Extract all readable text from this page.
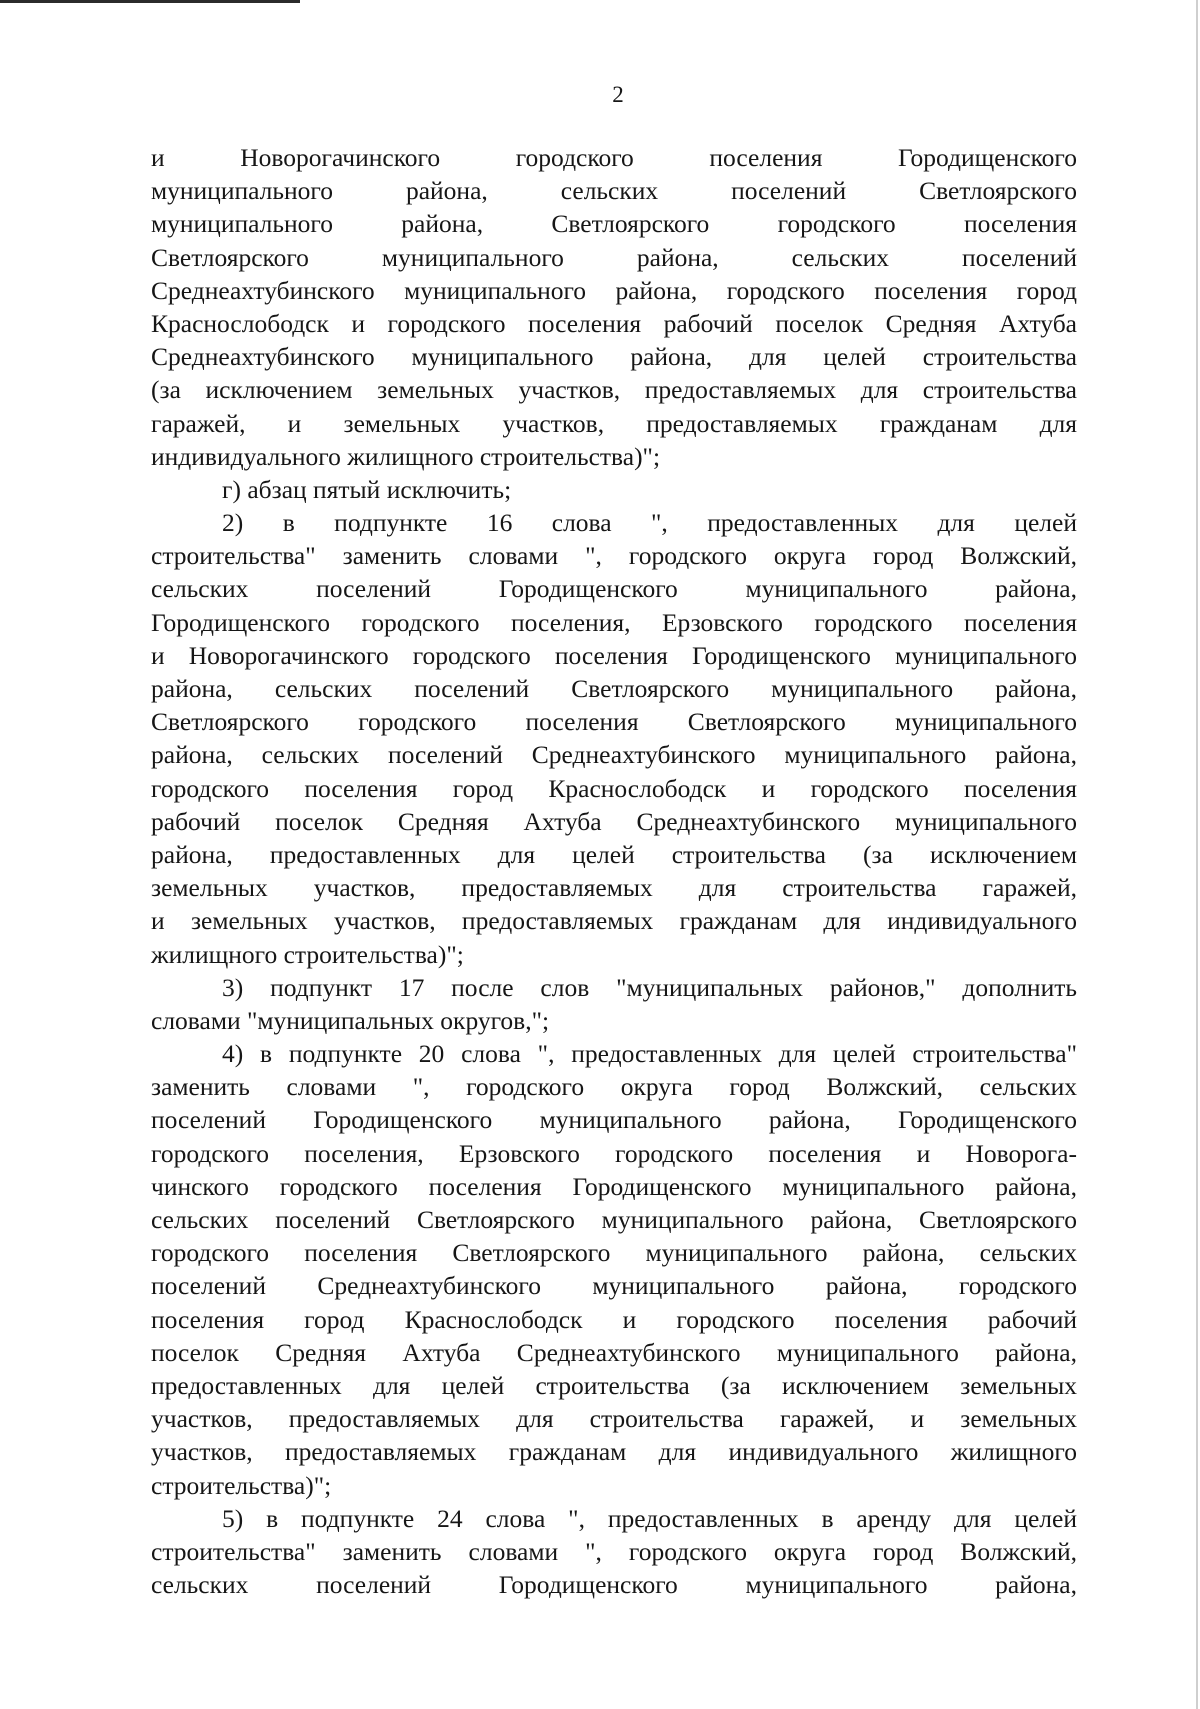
2
и Новорогачинского городского поселения Городищенского
муниципального района, сельских поселений Светлоярского
муниципального района, Светлоярского городского поселения
Светлоярского муниципального района, сельских поселений
Среднеахтубинского муниципального района, городского поселения город
Краснослободск и городского поселения рабочий поселок Средняя Ахтуба
Среднеахтубинского муниципального района, для целей строительства
(за исключением земельных участков, предоставляемых для строительства
гаражей, и земельных участков, предоставляемых гражданам для
индивидуального жилищного строительства)";
г) абзац пятый исключить;
2) в подпункте 16 слова ", предоставленных для целей
строительства" заменить словами ", городского округа город Волжский,
сельских поселений Городищенского муниципального района,
Городищенского городского поселения, Ерзовского городского поселения
и Новорогачинского городского поселения Городищенского муниципального
района, сельских поселений Светлоярского муниципального района,
Светлоярского городского поселения Светлоярского муниципального
района, сельских поселений Среднеахтубинского муниципального района,
городского поселения город Краснослободск и городского поселения
рабочий поселок Средняя Ахтуба Среднеахтубинского муниципального
района, предоставленных для целей строительства (за исключением
земельных участков, предоставляемых для строительства гаражей,
и земельных участков, предоставляемых гражданам для индивидуального
жилищного строительства)";
3) подпункт 17 после слов "муниципальных районов," дополнить
словами "муниципальных округов,";
4) в подпункте 20 слова ", предоставленных для целей строительства"
заменить словами ", городского округа город Волжский, сельских
поселений Городищенского муниципального района, Городищенского
городского поселения, Ерзовского городского поселения и Новорога-
чинского городского поселения Городищенского муниципального района,
сельских поселений Светлоярского муниципального района, Светлоярского
городского поселения Светлоярского муниципального района, сельских
поселений Среднеахтубинского муниципального района, городского
поселения город Краснослободск и городского поселения рабочий
поселок Средняя Ахтуба Среднеахтубинского муниципального района,
предоставленных для целей строительства (за исключением земельных
участков, предоставляемых для строительства гаражей, и земельных
участков, предоставляемых гражданам для индивидуального жилищного
строительства)";
5) в подпункте 24 слова ", предоставленных в аренду для целей
строительства" заменить словами ", городского округа город Волжский,
сельских поселений Городищенского муниципального района,
